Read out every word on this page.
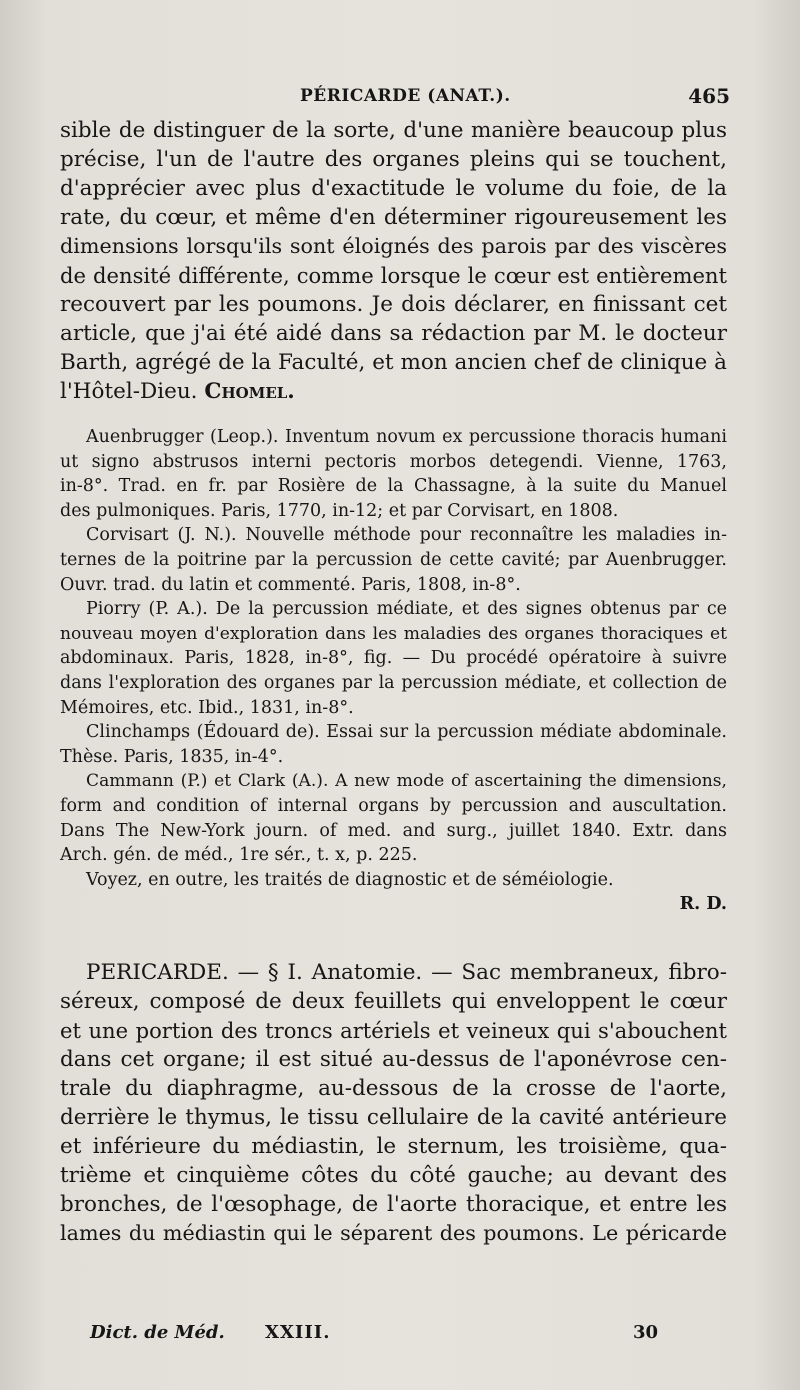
PÉRICARDE (ANAT.).	465
sible de distinguer de la sorte, d'une manière beaucoup plus
précise, l'un de l'autre des organes pleins qui se touchent,
d'apprécier avec plus d'exactitude le volume du foie, de la
rate, du cœur, et même d'en déterminer rigoureusement les
dimensions lorsqu'ils sont éloignés des parois par des viscères
de densité différente, comme lorsque le cœur est entièrement
recouvert par les poumons. Je dois déclarer, en finissant cet
article, que j'ai été aidé dans sa rédaction par M. le docteur
Barth, agrégé de la Faculté, et mon ancien chef de clinique à
l'Hôtel-Dieu. Chomel.
Auenbrugger (Leop.). Inventum novum ex percussione thoracis humani
ut signo abstrusos interni pectoris morbos detegendi. Vienne, 1763,
in-8°. Trad. en fr. par Rosière de la Chassagne, à la suite du Manuel
des pulmoniques. Paris, 1770, in-12; et par Corvisart, en 1808.
Corvisart (J. N.). Nouvelle méthode pour reconnaître les maladies in-
ternes de la poitrine par la percussion de cette cavité; par Auenbrugger.
Ouvr. trad. du latin et commenté. Paris, 1808, in-8°.
Piorry (P. A.). De la percussion médiate, et des signes obtenus par ce
nouveau moyen d'exploration dans les maladies des organes thoraciques et
abdominaux. Paris, 1828, in-8°, fig. — Du procédé opératoire à suivre
dans l'exploration des organes par la percussion médiate, et collection de
Mémoires, etc. Ibid., 1831, in-8°.
Clinchamps (Édouard de). Essai sur la percussion médiate abdominale.
Thèse. Paris, 1835, in-4°.
Cammann (P.) et Clark (A.). A new mode of ascertaining the dimensions,
form and condition of internal organs by percussion and auscultation.
Dans The New-York journ. of med. and surg., juillet 1840. Extr. dans
Arch. gén. de méd., 1re sér., t. x, p. 225.
Voyez, en outre, les traités de diagnostic et de séméiologie.
R. D.
PERICARDE. — § I. Anatomie. — Sac membraneux, fibro-
séreux, composé de deux feuillets qui enveloppent le cœur
et une portion des troncs artériels et veineux qui s'abouchent
dans cet organe; il est situé au-dessus de l'aponévrose cen-
trale du diaphragme, au-dessous de la crosse de l'aorte,
derrière le thymus, le tissu cellulaire de la cavité antérieure
et inférieure du médiastin, le sternum, les troisième, qua-
trième et cinquième côtes du côté gauche; au devant des
bronches, de l'œsophage, de l'aorte thoracique, et entre les
lames du médiastin qui le séparent des poumons. Le péricarde
Dict. de Méd. XXIII.	30
